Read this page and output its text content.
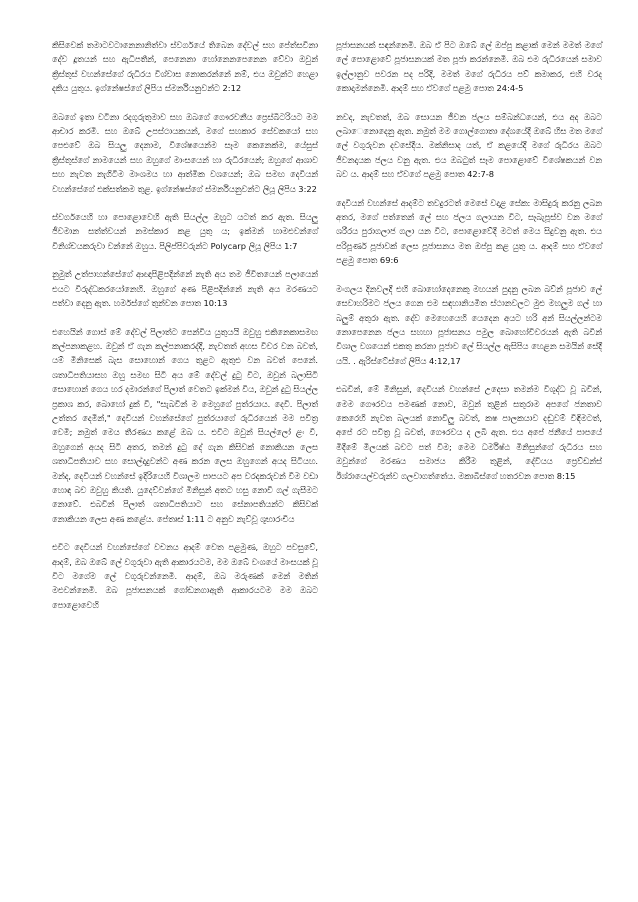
කිසිවෙක් තමාටවටානෙනානිත්වා ස්වර්ගයේ තිබෙන දේවල් සහ පේත්සවිනා දේව දූතයන් සහ ඇධිපතීන්, පෙනෙනා හෝනෙනපෙනෙන වේවා ඔවුන් ක්‍රිස්තුස් වහන්සේගේ රුධිරය විශ්වාස නොකරන්නේ නම්, එය ඔවුන්ට හෙළා දකිය යුතුය. ඉග්නේෂස්ගේ ලිපිය ස්මර්නියනුවන්ට 2:12

ඔබගේ ඉතා වටිනා රදගුරුතුමාව සහ ඔබගේ ගෞරවනීය ප්‍රෙස්බිටරියට මම ආචාර කරමි. සහ ඔබේ උපස්ථායකයන්, මගේ සහකාර සේවකයෝ සහ පෙළුවේ ඔබ සියලු දෙනාම, විශේෂයෙන්ම සෑම කෙනෙක්ම, යේසුස් ක්‍රිස්තුස්ගේ නාමයෙන් සහ ඔහුගේ මාංසයෙන් හා රුධිරයෙන්; ඔහුගේ ආශාව සහ නැවත නැගිටීම මාංශමය හා ආත්මික වශයෙන්; ඔබ සමඟ දෙවියන් වහන්සේගේ එක්සත්කම තුළ. ඉග්නේෂස්ගේ ස්මර්නියනුවන්ට ලියූ ලිපිය 3:22

ස්වර්ගයෙහි හා පොළොවෙහි ඇති සියල්ල ඔහුට යටත් කර ඇත. සියලු ජීවමාන සත්ත්වයන් නමස්කාර කළ යුතු ය; ඉක්මන් හාමළුවන්ගේ විනිශ්චයකරුවා වන්නේ ඔහුය. පිලිප්පිවරුන්ට Polycarp ලියූ ලිපිය 1:7

නුමුත් උත්පාහන්සේගේ ආඥාපිළිපදින්නේ නැති අය තම ජීවිතයෙන් පලායෙන් එයට විරුද්ධකරයෝනෙහි. ඔහුගේ අණ පිළිපදින්නේ නැති අය මරණයට පත්වා දෙනු ඇත. හර්මස්ගේ තුන්වන පොත 10:13

එහෙයින් ගොස් මේ දේවල් පිලාත්ට පෙන්විය යුතුයයි ඔවුහු එකිනෙකාසමඟ කල්පනාකළහ. ඔවුන් ඒ ගැන කල්පනාකරද්දී, නැවතත් අහස විවර වන බවත්, යම් මිනිසෙක් බැස සොහොන් ගෙය තුළට ඇතුළු වන බවත් පෙනේ. ශතාධිපතියාසහ ඔහු සමඟ සිටි අය මේ දේවල් දුටු විට, ඔවුන් බලාසිටි සොහොන් ගෙය හර දමාරන්ගේ පිලාත් වෙතට ඉක්මන් විය, ඔවුන් දුටු සියල්ල ප්‍රකාශ කර, බොහෝ දුක් වී, "සැබවින් ම මෙහුගේ පුත්රයාය. දෙවි. පිලාත් උත්තර දෙමින්," දෙවියන් වහන්සේගේ පුත්රයාගේ රුධිරයෙන් මම පවිත්‍ර වෙමි; නමුත් මෙය තීරණය කළේ ඔබ ය. එවිට ඔවුන් සියල්ලෝ ළං වී, ඔහුගෙන් අයද සිටි අතර, තමන් දුටු දේ ගැන කිසිවක් නොකියන ලෙස ශතාධිපතියාව සහ සොල්දාදුවන්ට අණ කරන ලෙස ඔහුගෙන් අයද සිටියහ. මන්ද, දෙවියන් වහන්සේ ඉදිරියෙහි විශාලම පාපයට අප වරදකරුවන් වීම වඩා හොඳ බව ඔවුහු කියති. යුදෙව්වන්ගේ මිනිසුන් අතට හසු නොවී ගල් ගැසීමට නොවේ. එබවින් පිලාත් ශතාධිපතියාට සහ සේනාපතියන්ට කිසිවක් නොකියන ලෙස අණ කළේය. පේතෘස් 1:11 ට අනුව නැව්වූ ශුභාරංචිය

එවිට දෙවියන් වහන්සේගේ වචනය ආදම් වෙත පළමුණ, ඔහුට පවසුවේ, ආදම්, ඔබ ඔබේ ලේ වගුරුවා ඇති ආකාරයටම, මම ඔබේ වංශයේ මාංසයක් වූ විට මගේම ලේ වගුරුවන්නෙමි. ආදම්, ඔබ මරුණක් මෙන් මතින් මළුවන්නෙමි. ඔබ පූජාසනයක් ගෝඩනගාඇති ආකාරයටම මම ඔබට පොළොවෙහි

පූජාසනයක් සඳන්නෙමි. ඔබ ඒ පිට ඔබේ ලේ ඔප්පු කළාක් මෙන් මමත් මගේ ලේ පොළොවේ පූජාසනයක් මත පූජා කරන්නෙමි. ඔබ එම රුධිරයෙන් සමාව ඉල්ලානුව පවරන පද පරිදි, මමත් මගේ රුධිරය පව් කමාකර, එහි වරද කොදාමන්නෙමි. ආදම් සහ ඒවගේ පළමු පොත 24:4-5

නවද, නැවතත්, ඔබ සොයන ජීවන ජලය සම්බන්ධයෙන්, එය අද ඔබට ලබාෙනොදෙනු ඇත. නමුත් මම ගොල්ගොතා දේශයේදී ඔබේ හිස මත මගේ ලේ වගුරුවන දවසේදීය. මක්නිසාද යත්, ඒ කළයේදී මගේ රුධිරය ඔබට ජීවනදායක ජලය වනු ඇත. එය ඔබටුත් සෑම පොළොවේ විශේෂකයන් වන බව ය. ආදම් සහ ඒවගේ පළමු පොත 42:7-8

දෙවියන් වහන්සේ ආදම්ට තවදුරටත් මෙසේ වදාළ සේක: මාසිදුරු කරනු ලබන අතර, මගේ පත්තෙන් ලේ සහ ජලය ගලායන විට, සෑබැපූස්ව වන මගේ ශරීරය පුරාගලාජ ගලා යන විට, පොළොවේදී මටත් මෙය සිදුවනු ඇත. එය පරිපූර්ණ පූජාවක් ලෙස පූජාසනය මත ඔප්පු කළ යුතු ය. ආදම් සහ ඒවගේ පළමු පොත 69:6

මංගලය දිනවලදී එහි බොහෝදෙනෙකු මහයන් පුදනු ලබන බව්න් පූජාව ලේ සෙවාහරිමට ජලය ගෙන එම සඳහානියමිත ස්ථානවලට මුළු මහලුම ගල් හා බලුම් අතුරා ඇත. දේව මෙහෙයෙහි යෙදෙන අයට හරි අන් සියල්ලන්ටම නොපෙනෙන ජලය සහහා පූජාසනය පමුල බොහෝවිවරයන් ඇති බවින් විශාල වශයෙන් එකතු කරනා පූජාව ලේ සියල්ල ඇසිපිය හෙළන සමයින් සේදී යයි. . ඇරිස්ටේස්ගේ ලිපිය 4:12,17

එබවින්, මේ මිනිසුන්, දෙවියන් වහන්සේ උදෙසා තමන්ම විශුද්ධ වූ බවින්, මෙම ගෞරවය පමණක් නොව, ඔවුන් තුළින් සතුරාම අපගේ ජනතාව කෙරෙහි නැවත බලයක් නොවීලු බවත්, කෂ පාලකයාව දඬුවම් විඳිමටත්, අපේ රට පවිත්‍ර වූ බවත්, ගෞරවය ද ලබී ඇත. එය අපේ ජනීයේ පාපයේ මිදීමේ මිලයක් බවට පත් විම; මෙම ධර්මිෂ්ඨ මිනිසුන්ගේ රුධිරය සහ ඔවුන්ගේ මරණය සමාජය කිරීම තුළින්, දේවියය ප්‍රෙව්ඩන්ස් ඊශ්රායෙල්වරුන්ව ගලවාගත්තේය. මකාබීස්ගේ හතරවන පොත 8:15
